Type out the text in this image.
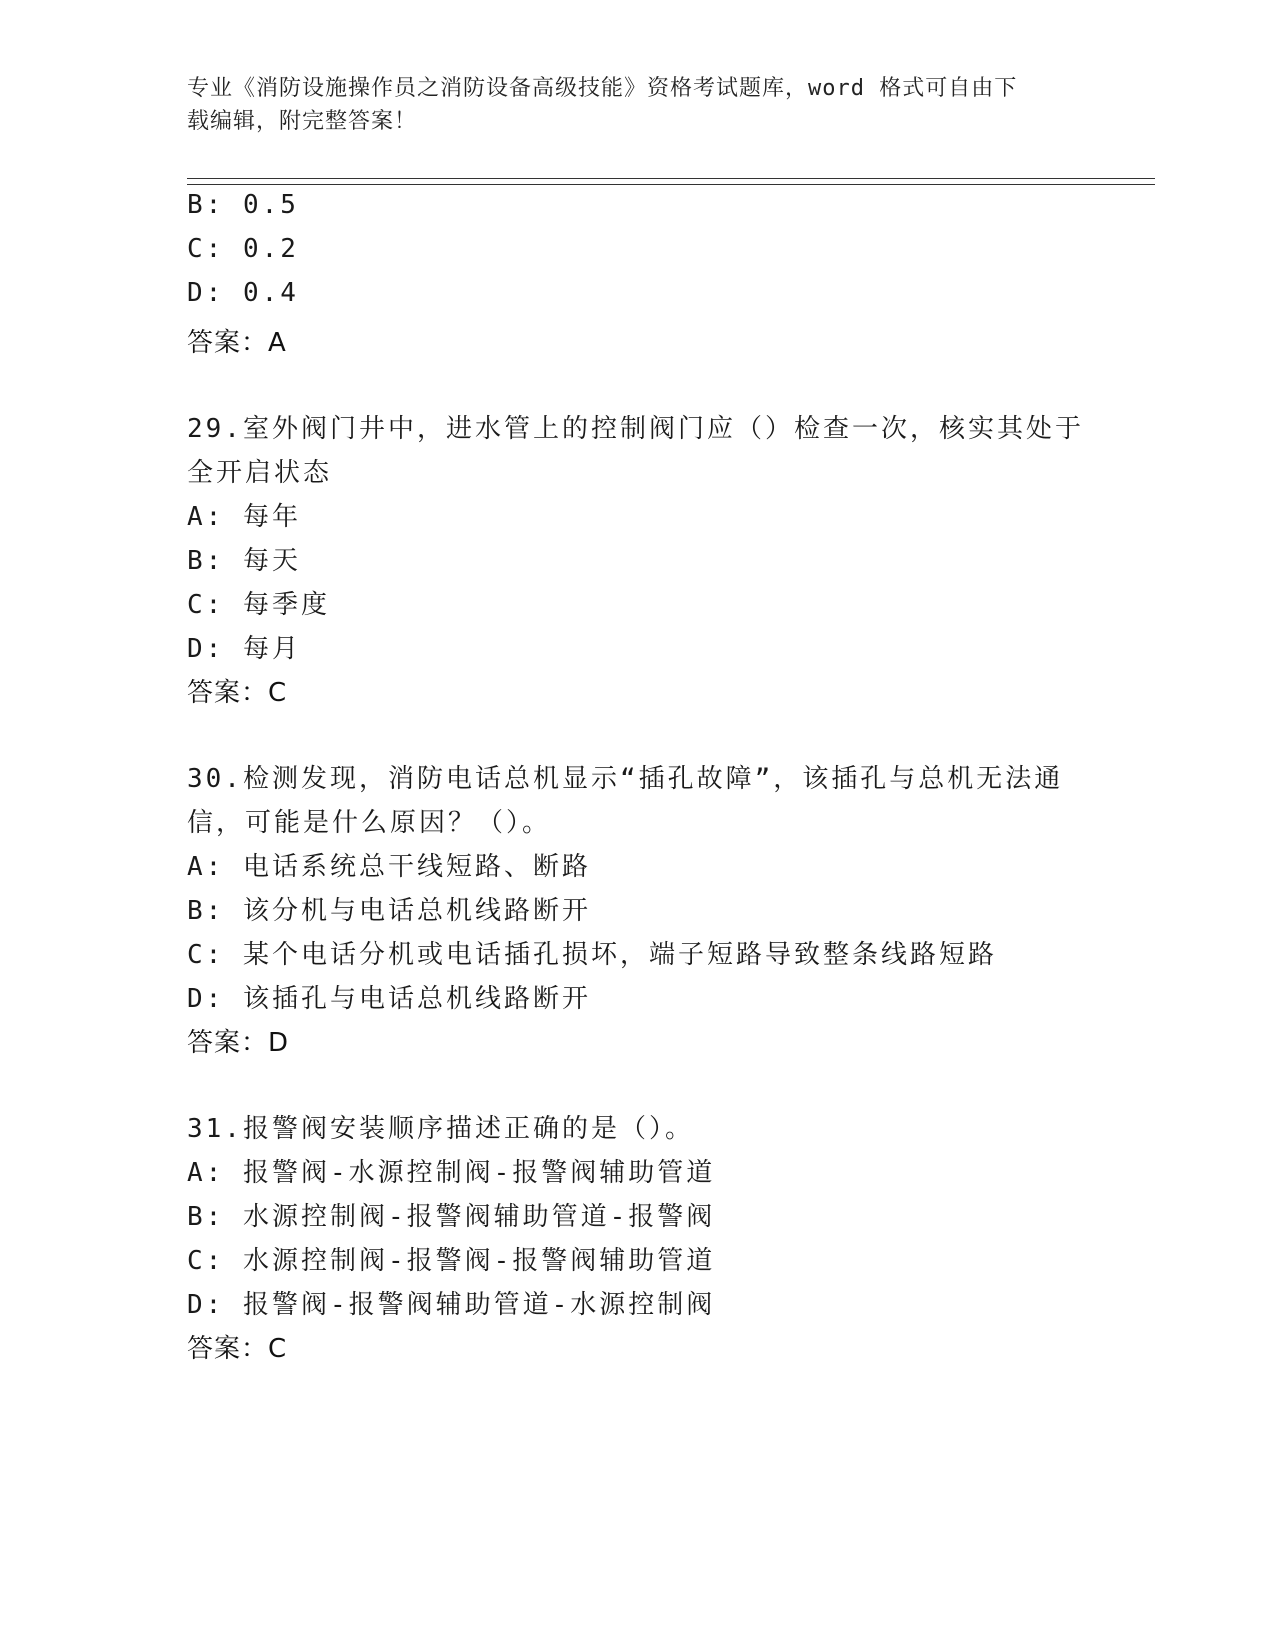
专业《消防设施操作员之消防设备高级技能》资格考试题库，word 格式可自由下
载编辑，附完整答案！
B: 0.5
C: 0.2
D: 0.4
答案：A
29.室外阀门井中，进水管上的控制阀门应（）检查一次，核实其处于
全开启状态
A: 每年
B: 每天
C: 每季度
D: 每月
答案：C
30.检测发现，消防电话总机显示“插孔故障”，该插孔与总机无法通
信，可能是什么原因？（）。
A: 电话系统总干线短路、断路
B: 该分机与电话总机线路断开
C: 某个电话分机或电话插孔损坏，端子短路导致整条线路短路
D: 该插孔与电话总机线路断开
答案：D
31.报警阀安装顺序描述正确的是（）。
A: 报警阀-水源控制阀-报警阀辅助管道
B: 水源控制阀-报警阀辅助管道-报警阀
C: 水源控制阀-报警阀-报警阀辅助管道
D: 报警阀-报警阀辅助管道-水源控制阀
答案：C
